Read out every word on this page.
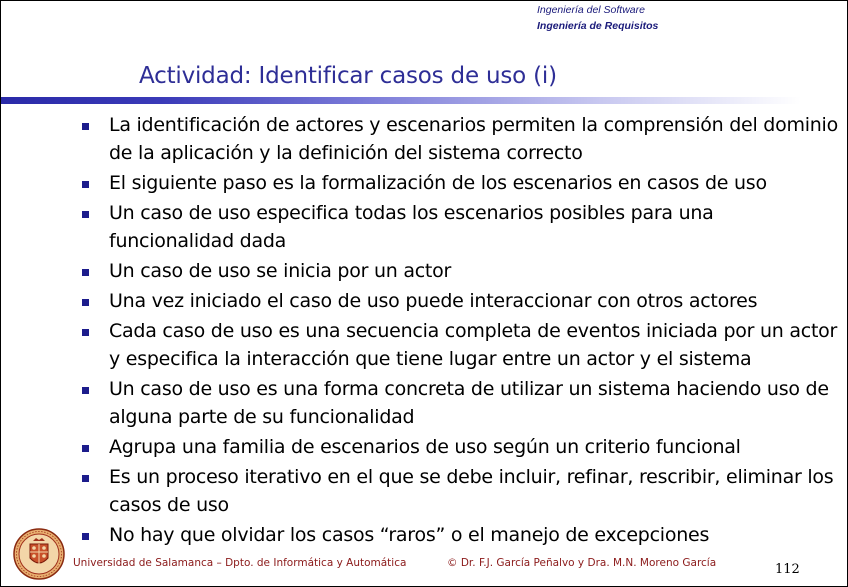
Ingeniería del Software
Ingeniería de Requisitos
Actividad: Identificar casos de uso (i)
La identificación de actores y escenarios permiten la comprensión del dominio de la aplicación y la definición del sistema correcto
El siguiente paso es la formalización de los escenarios en casos de uso
Un caso de uso especifica todas los escenarios posibles para una funcionalidad dada
Un caso de uso se inicia por un actor
Una vez iniciado el caso de uso puede interaccionar con otros actores
Cada caso de uso es una secuencia completa de eventos iniciada por un actor y especifica la interacción que tiene lugar entre un actor y el sistema
Un caso de uso es una forma concreta de utilizar un sistema haciendo uso de alguna parte de su funcionalidad
Agrupa una familia de escenarios de uso según un criterio funcional
Es un proceso iterativo en el que se debe incluir, refinar, rescribir, eliminar los casos de uso
No hay que olvidar los casos “raros” o el manejo de excepciones
Universidad de Salamanca – Dpto. de Informática y Automática	© Dr. F.J. García Peñalvo y Dra. M.N. Moreno García	112
